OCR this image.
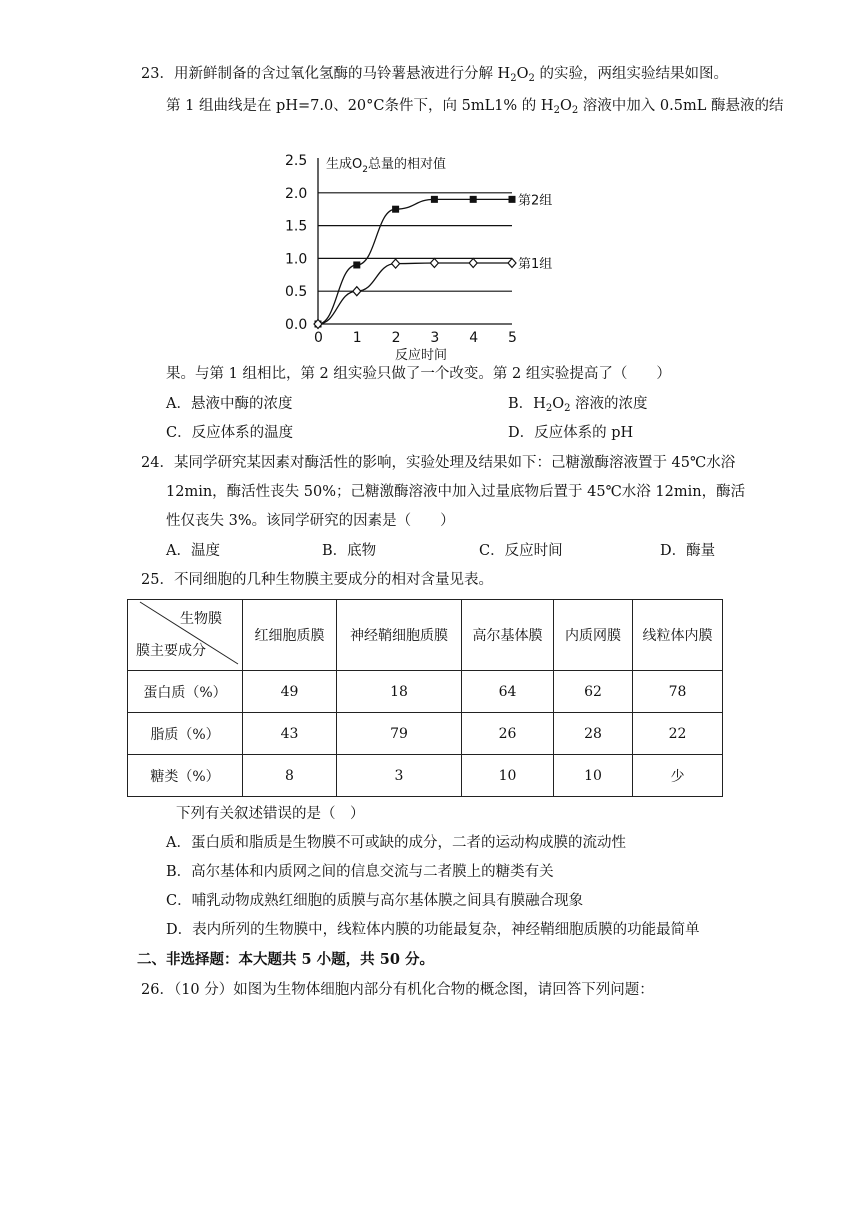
23．用新鲜制备的含过氧化氢酶的马铃薯悬液进行分解 $H_2O_2$ 的实验，两组实验结果如图。
第 1 组曲线是在 pH=7.0、20°C条件下，向 5mL1% 的 $H_2O_2$ 溶液中加入 0.5mL 酶悬液的结
0.0
0.5
1.0
1.5
2.0
2.5
0 1 2 3 4 5
生成$O_2$总量的相对值
反应时间
第2组
第1组
果。与第 1 组相比，第 2 组实验只做了一个改变。第 2 组实验提高了（　　）
A．悬液中酶的浓度	B．$H_2O_2$ 溶液的浓度
C．反应体系的温度	D．反应体系的 pH
24．某同学研究某因素对酶活性的影响，实验处理及结果如下：己糖激酶溶液置于 45℃水浴
12min，酶活性丧失 50%；己糖激酶溶液中加入过量底物后置于 45℃水浴 12min，酶活
性仅丧失 3%。该同学研究的因素是（　　）
A．温度	B．底物	C．反应时间	D．酶量
25．不同细胞的几种生物膜主要成分的相对含量见表。
生物膜
膜主要成分	红细胞质膜	神经鞘细胞质膜	高尔基体膜	内质网膜	线粒体内膜
蛋白质（%）	49	18	64	62	78
脂质（%）	43	79	26	28	22
糖类（%）	8	3	10	10	少
下列有关叙述错误的是（　）
A．蛋白质和脂质是生物膜不可或缺的成分，二者的运动构成膜的流动性
B．高尔基体和内质网之间的信息交流与二者膜上的糖类有关
C．哺乳动物成熟红细胞的质膜与高尔基体膜之间具有膜融合现象
D．表内所列的生物膜中，线粒体内膜的功能最复杂，神经鞘细胞质膜的功能最简单
二、非选择题：本大题共 5 小题，共 50 分。
26．（10 分）如图为生物体细胞内部分有机化合物的概念图，请回答下列问题：
